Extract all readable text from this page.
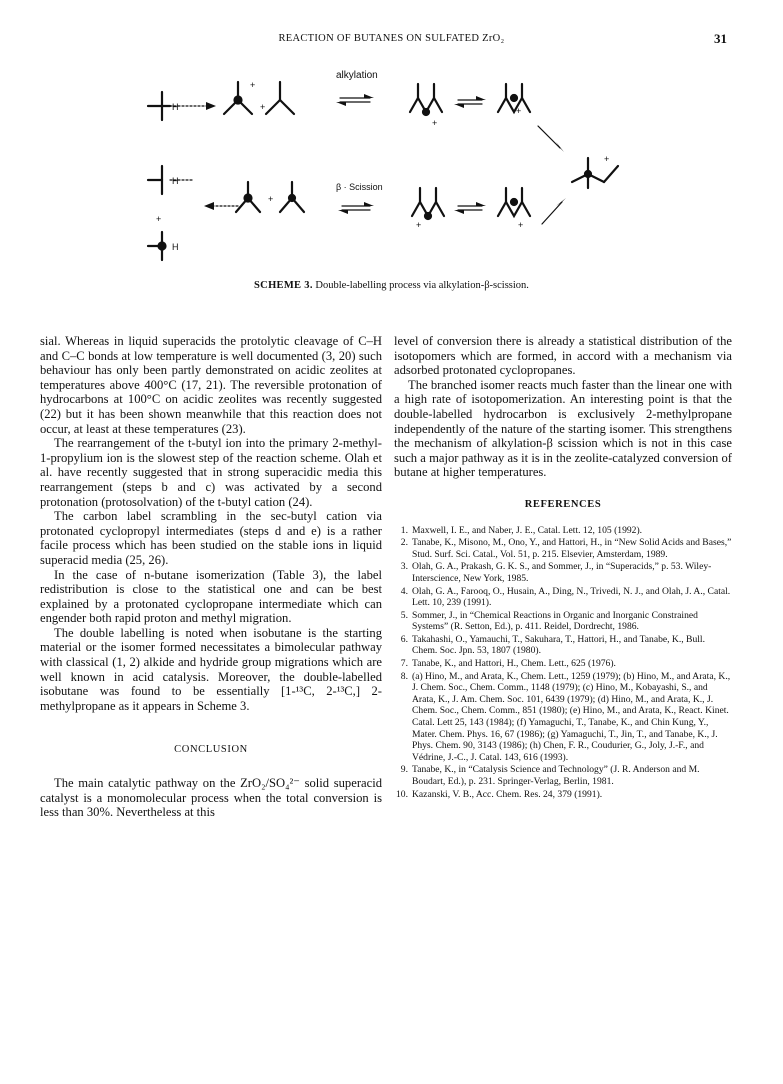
REACTION OF BUTANES ON SULFATED ZrO₂	31
H
H
H
+
+
+
+
+
+
+	+
+
alkylation
β · Scission
SCHEME 3. Double-labelling process via alkylation-β-scission.

sial. Whereas in liquid superacids the protolytic cleavage of C–H and C–C bonds at low temperature is well documented (3, 20) such behaviour has only been partly demonstrated on acidic zeolites at temperatures above 400°C (17, 21). The reversible protonation of hydrocarbons at 100°C on acidic zeolites was recently suggested (22) but it has been shown meanwhile that this reaction does not occur, at least at these temperatures (23).

The rearrangement of the t-butyl ion into the primary 2-methyl-1-propylium ion is the slowest step of the reaction scheme. Olah et al. have recently suggested that in strong superacidic media this rearrangement (steps b and c) was activated by a second protonation (protosolvation) of the t-butyl cation (24).

The carbon label scrambling in the sec-butyl cation via protonated cyclopropyl intermediates (steps d and e) is a rather facile process which has been studied on the stable ions in liquid superacid media (25, 26).

In the case of n-butane isomerization (Table 3), the label redistribution is close to the statistical one and can be best explained by a protonated cyclopropane intermediate which can engender both rapid proton and methyl migration.

The double labelling is noted when isobutane is the starting material or the isomer formed necessitates a bimolecular pathway with classical (1, 2) alkide and hydride group migrations which are well known in acid catalysis. Moreover, the double-labelled isobutane was found to be essentially [1-¹³C, 2-¹³C,] 2-methylpropane as it appears in Scheme 3.

CONCLUSION

The main catalytic pathway on the ZrO₂/SO₄²⁻ solid superacid catalyst is a monomolecular process when the total conversion is less than 30%. Nevertheless at this

level of conversion there is already a statistical distribution of the isotopomers which are formed, in accord with a mechanism via adsorbed protonated cyclopropanes.

The branched isomer reacts much faster than the linear one with a high rate of isotopomerization. An interesting point is that the double-labelled hydrocarbon is exclusively 2-methylpropane independently of the nature of the starting isomer. This strengthens the mechanism of alkylation-β scission which is not in this case such a major pathway as it is in the zeolite-catalyzed conversion of butane at higher temperatures.

REFERENCES
1. Maxwell, I. E., and Naber, J. E., Catal. Lett. 12, 105 (1992).
2. Tanabe, K., Misono, M., Ono, Y., and Hattori, H., in “New Solid Acids and Bases,” Stud. Surf. Sci. Catal., Vol. 51, p. 215. Elsevier, Amsterdam, 1989.
3. Olah, G. A., Prakash, G. K. S., and Sommer, J., in “Superacids,” p. 53. Wiley-Interscience, New York, 1985.
4. Olah, G. A., Farooq, O., Husain, A., Ding, N., Trivedi, N. J., and Olah, J. A., Catal. Lett. 10, 239 (1991).
5. Sommer, J., in “Chemical Reactions in Organic and Inorganic Constrained Systems” (R. Setton, Ed.), p. 411. Reidel, Dordrecht, 1986.
6. Takahashi, O., Yamauchi, T., Sakuhara, T., Hattori, H., and Tanabe, K., Bull. Chem. Soc. Jpn. 53, 1807 (1980).
7. Tanabe, K., and Hattori, H., Chem. Lett., 625 (1976).
8. (a) Hino, M., and Arata, K., Chem. Lett., 1259 (1979); (b) Hino, M., and Arata, K., J. Chem. Soc., Chem. Comm., 1148 (1979); (c) Hino, M., Kobayashi, S., and Arata, K., J. Am. Chem. Soc. 101, 6439 (1979); (d) Hino, M., and Arata, K., J. Chem. Soc., Chem. Comm., 851 (1980); (e) Hino, M., and Arata, K., React. Kinet. Catal. Lett 25, 143 (1984); (f) Yamaguchi, T., Tanabe, K., and Chin Kung, Y., Mater. Chem. Phys. 16, 67 (1986); (g) Yamaguchi, T., Jin, T., and Tanabe, K., J. Phys. Chem. 90, 3143 (1986); (h) Chen, F. R., Coudurier, G., Joly, J.-F., and Védrine, J.-C., J. Catal. 143, 616 (1993).
9. Tanabe, K., in “Catalysis Science and Technology” (J. R. Anderson and M. Boudart, Ed.), p. 231. Springer-Verlag, Berlin, 1981.
10. Kazanski, V. B., Acc. Chem. Res. 24, 379 (1991).
